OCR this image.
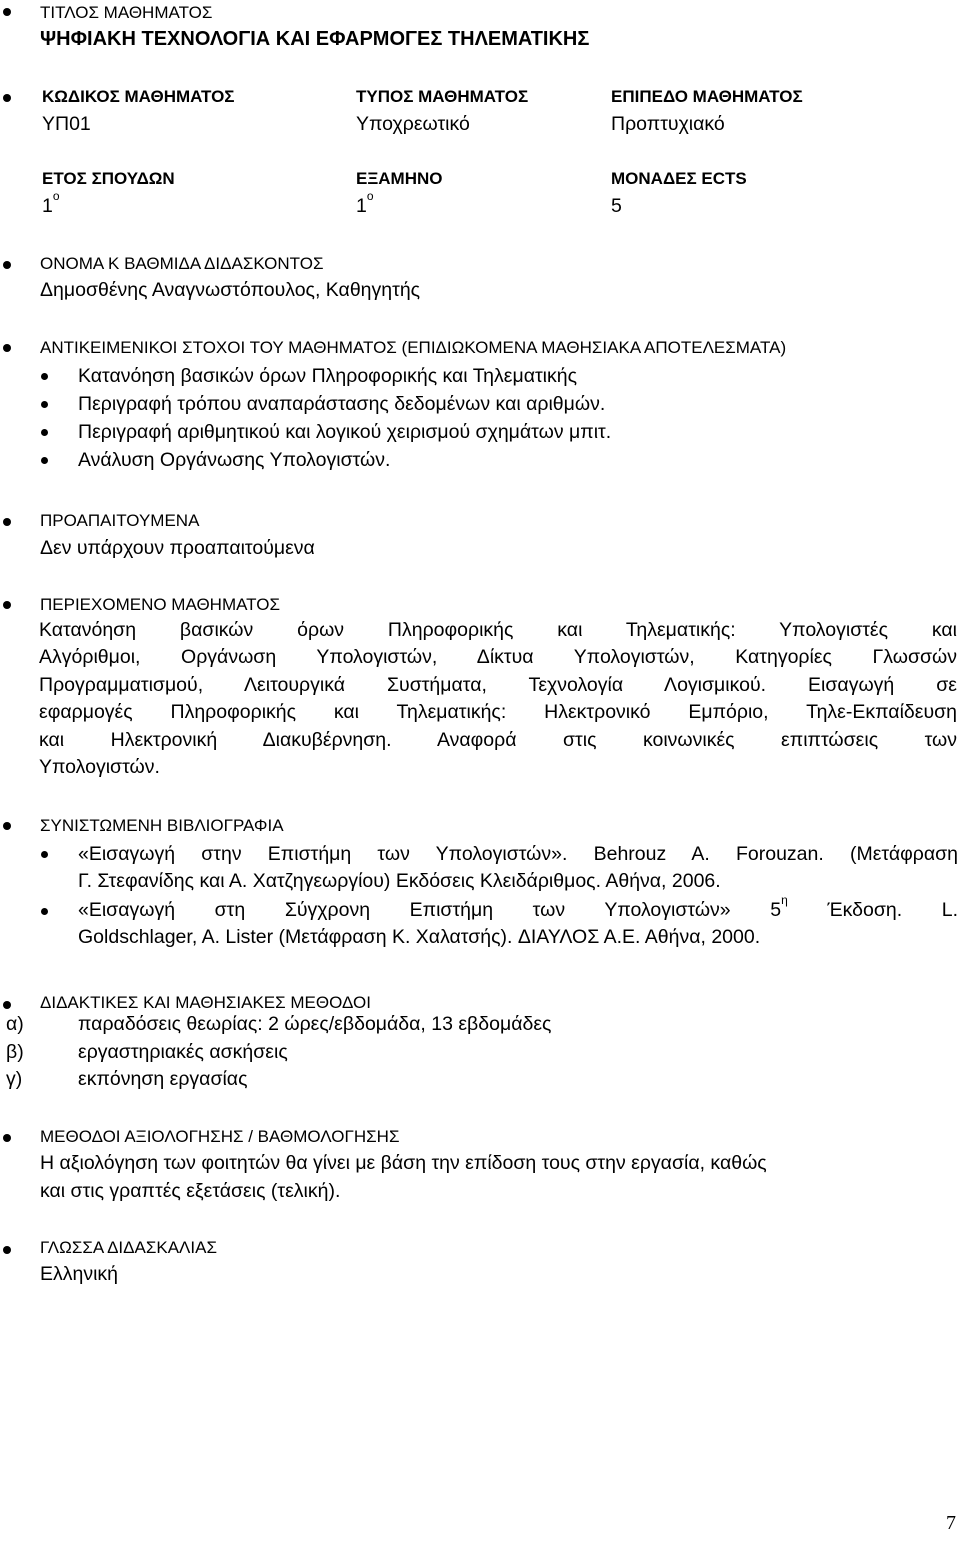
ΤΙΤΛΟΣ ΜΑΘΗΜΑΤΟΣ
ΨΗΦΙΑΚΗ ΤΕΧΝΟΛΟΓΙΑ ΚΑΙ ΕΦΑΡΜΟΓΕΣ ΤΗΛΕΜΑΤΙΚΗΣ
ΚΩΔΙΚΟΣ ΜΑΘΗΜΑΤΟΣ
ΥΠ01
ΤΥΠΟΣ ΜΑΘΗΜΑΤΟΣ
Υποχρεωτικό
ΕΠΙΠΕΔΟ ΜΑΘΗΜΑΤΟΣ
Προπτυχιακό
ΕΤΟΣ ΣΠΟΥΔΩΝ
$1^o$
ΕΞΑΜΗΝΟ
$1^o$
ΜΟΝΑΔΕΣ ECTS
5
ΟΝΟΜΑ Κ ΒΑΘΜΙΔΑ ΔΙΔΑΣΚΟΝΤΟΣ
Δημοσθένης Αναγνωστόπουλος, Καθηγητής
ΑΝΤΙΚΕΙΜΕΝΙΚΟΙ ΣΤΟΧΟΙ ΤΟΥ ΜΑΘΗΜΑΤΟΣ (ΕΠΙΔΙΩΚΟΜΕΝΑ ΜΑΘΗΣΙΑΚΑ ΑΠΟΤΕΛΕΣΜΑΤΑ)
Κατανόηση βασικών όρων Πληροφορικής και Τηλεματικής
Περιγραφή τρόπου αναπαράστασης δεδομένων και αριθμών.
Περιγραφή αριθμητικού και λογικού χειρισμού σχημάτων μπιτ.
Ανάλυση Οργάνωσης Υπολογιστών.
ΠΡΟΑΠΑΙΤΟΥΜΕΝΑ
Δεν υπάρχουν προαπαιτούμενα
ΠΕΡΙΕΧΟΜΕΝΟ ΜΑΘΗΜΑΤΟΣ
Κατανόηση βασικών όρων Πληροφορικής και Τηλεματικής: Υπολογιστές και
Αλγόριθμοι, Οργάνωση Υπολογιστών, Δίκτυα Υπολογιστών, Κατηγορίες Γλωσσών
Προγραμματισμού, Λειτουργικά Συστήματα, Τεχνολογία Λογισμικού. Εισαγωγή σε
εφαρμογές Πληροφορικής και Τηλεματικής: Ηλεκτρονικό Εμπόριο, Τηλε-Εκπαίδευση
και Ηλεκτρονική Διακυβέρνηση. Αναφορά στις κοινωνικές επιπτώσεις των
Υπολογιστών.
ΣΥΝΙΣΤΩΜΕΝΗ ΒΙΒΛΙΟΓΡΑΦΙΑ
«Εισαγωγή στην Επιστήμη των Υπολογιστών». Behrouz A. Forouzan. (Μετάφραση
Γ. Στεφανίδης και Α. Χατζηγεωργίου) Εκδόσεις Κλειδάριθμος. Αθήνα, 2006.
«Εισαγωγή στη Σύγχρονη Επιστήμη των Υπολογιστών» $5^\eta$ Έκδοση. L.
Goldschlager, A. Lister (Μετάφραση Κ. Χαλατσής). ΔΙΑΥΛΟΣ Α.Ε. Αθήνα, 2000.
ΔΙΔΑΚΤΙΚΕΣ ΚΑΙ ΜΑΘΗΣΙΑΚΕΣ ΜΕΘΟΔΟΙ
α)	παραδόσεις θεωρίας: 2 ώρες/εβδομάδα, 13 εβδομάδες
β)	εργαστηριακές ασκήσεις
γ)	εκπόνηση εργασίας
ΜΕΘΟΔΟΙ ΑΞΙΟΛΟΓΗΣΗΣ / ΒΑΘΜΟΛΟΓΗΣΗΣ
Η αξιολόγηση των φοιτητών θα γίνει με βάση την επίδοση τους στην εργασία, καθώς
και στις γραπτές εξετάσεις (τελική).
ΓΛΩΣΣΑ ΔΙΔΑΣΚΑΛΙΑΣ
Ελληνική
7
